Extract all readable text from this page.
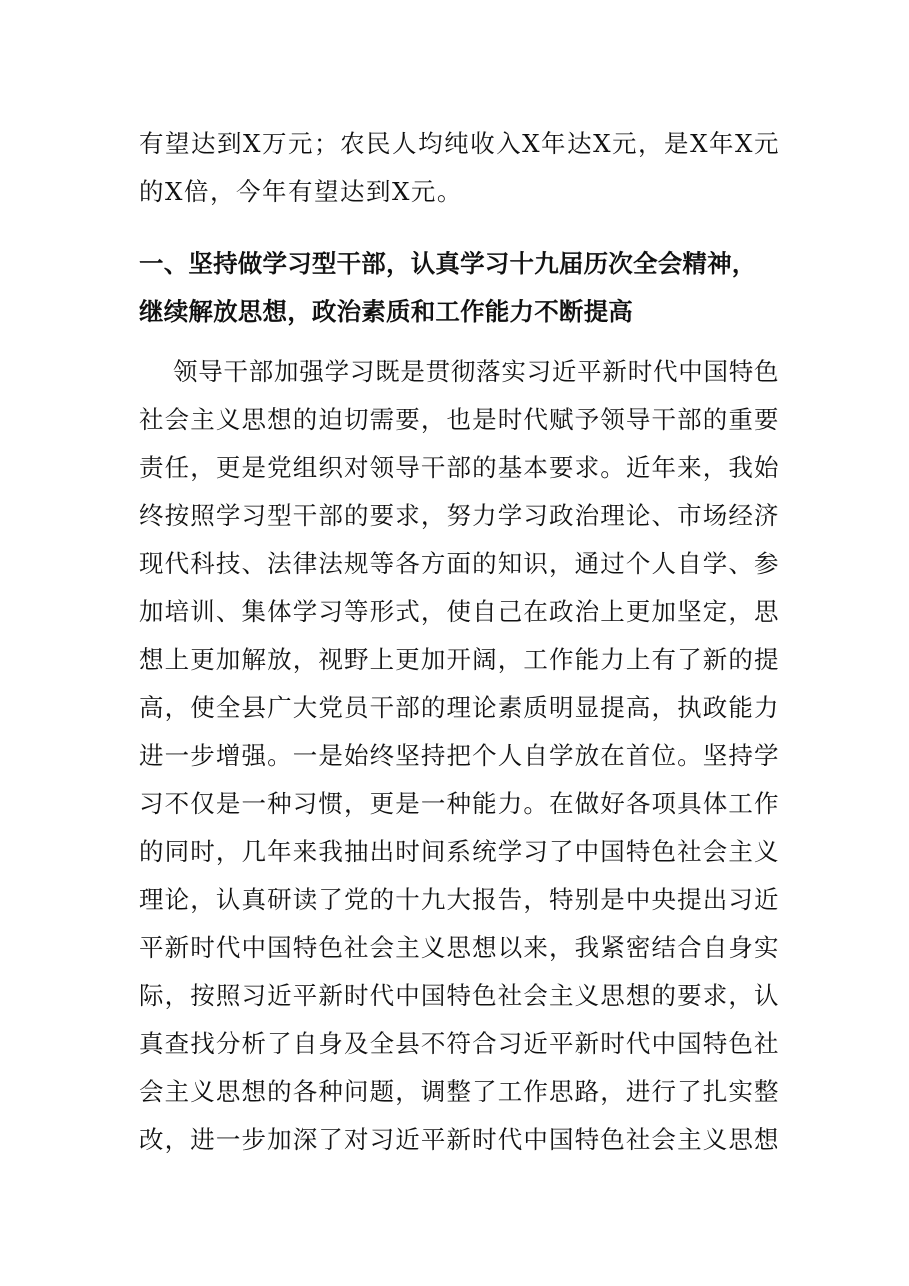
有望达到X万元；农民人均纯收入X年达X元，是X年X元
的X倍，今年有望达到X元。
一、坚持做学习型干部，认真学习十九届历次全会精神，
继续解放思想，政治素质和工作能力不断提高
领导干部加强学习既是贯彻落实习近平新时代中国特色
社会主义思想的迫切需要，也是时代赋予领导干部的重要
责任，更是党组织对领导干部的基本要求。近年来，我始
终按照学习型干部的要求，努力学习政治理论、市场经济
现代科技、法律法规等各方面的知识，通过个人自学、参
加培训、集体学习等形式，使自己在政治上更加坚定，思
想上更加解放，视野上更加开阔，工作能力上有了新的提
高，使全县广大党员干部的理论素质明显提高，执政能力
进一步增强。一是始终坚持把个人自学放在首位。坚持学
习不仅是一种习惯，更是一种能力。在做好各项具体工作
的同时，几年来我抽出时间系统学习了中国特色社会主义
理论，认真研读了党的十九大报告，特别是中央提出习近
平新时代中国特色社会主义思想以来，我紧密结合自身实
际，按照习近平新时代中国特色社会主义思想的要求，认
真查找分析了自身及全县不符合习近平新时代中国特色社
会主义思想的各种问题，调整了工作思路，进行了扎实整
改，进一步加深了对习近平新时代中国特色社会主义思想
